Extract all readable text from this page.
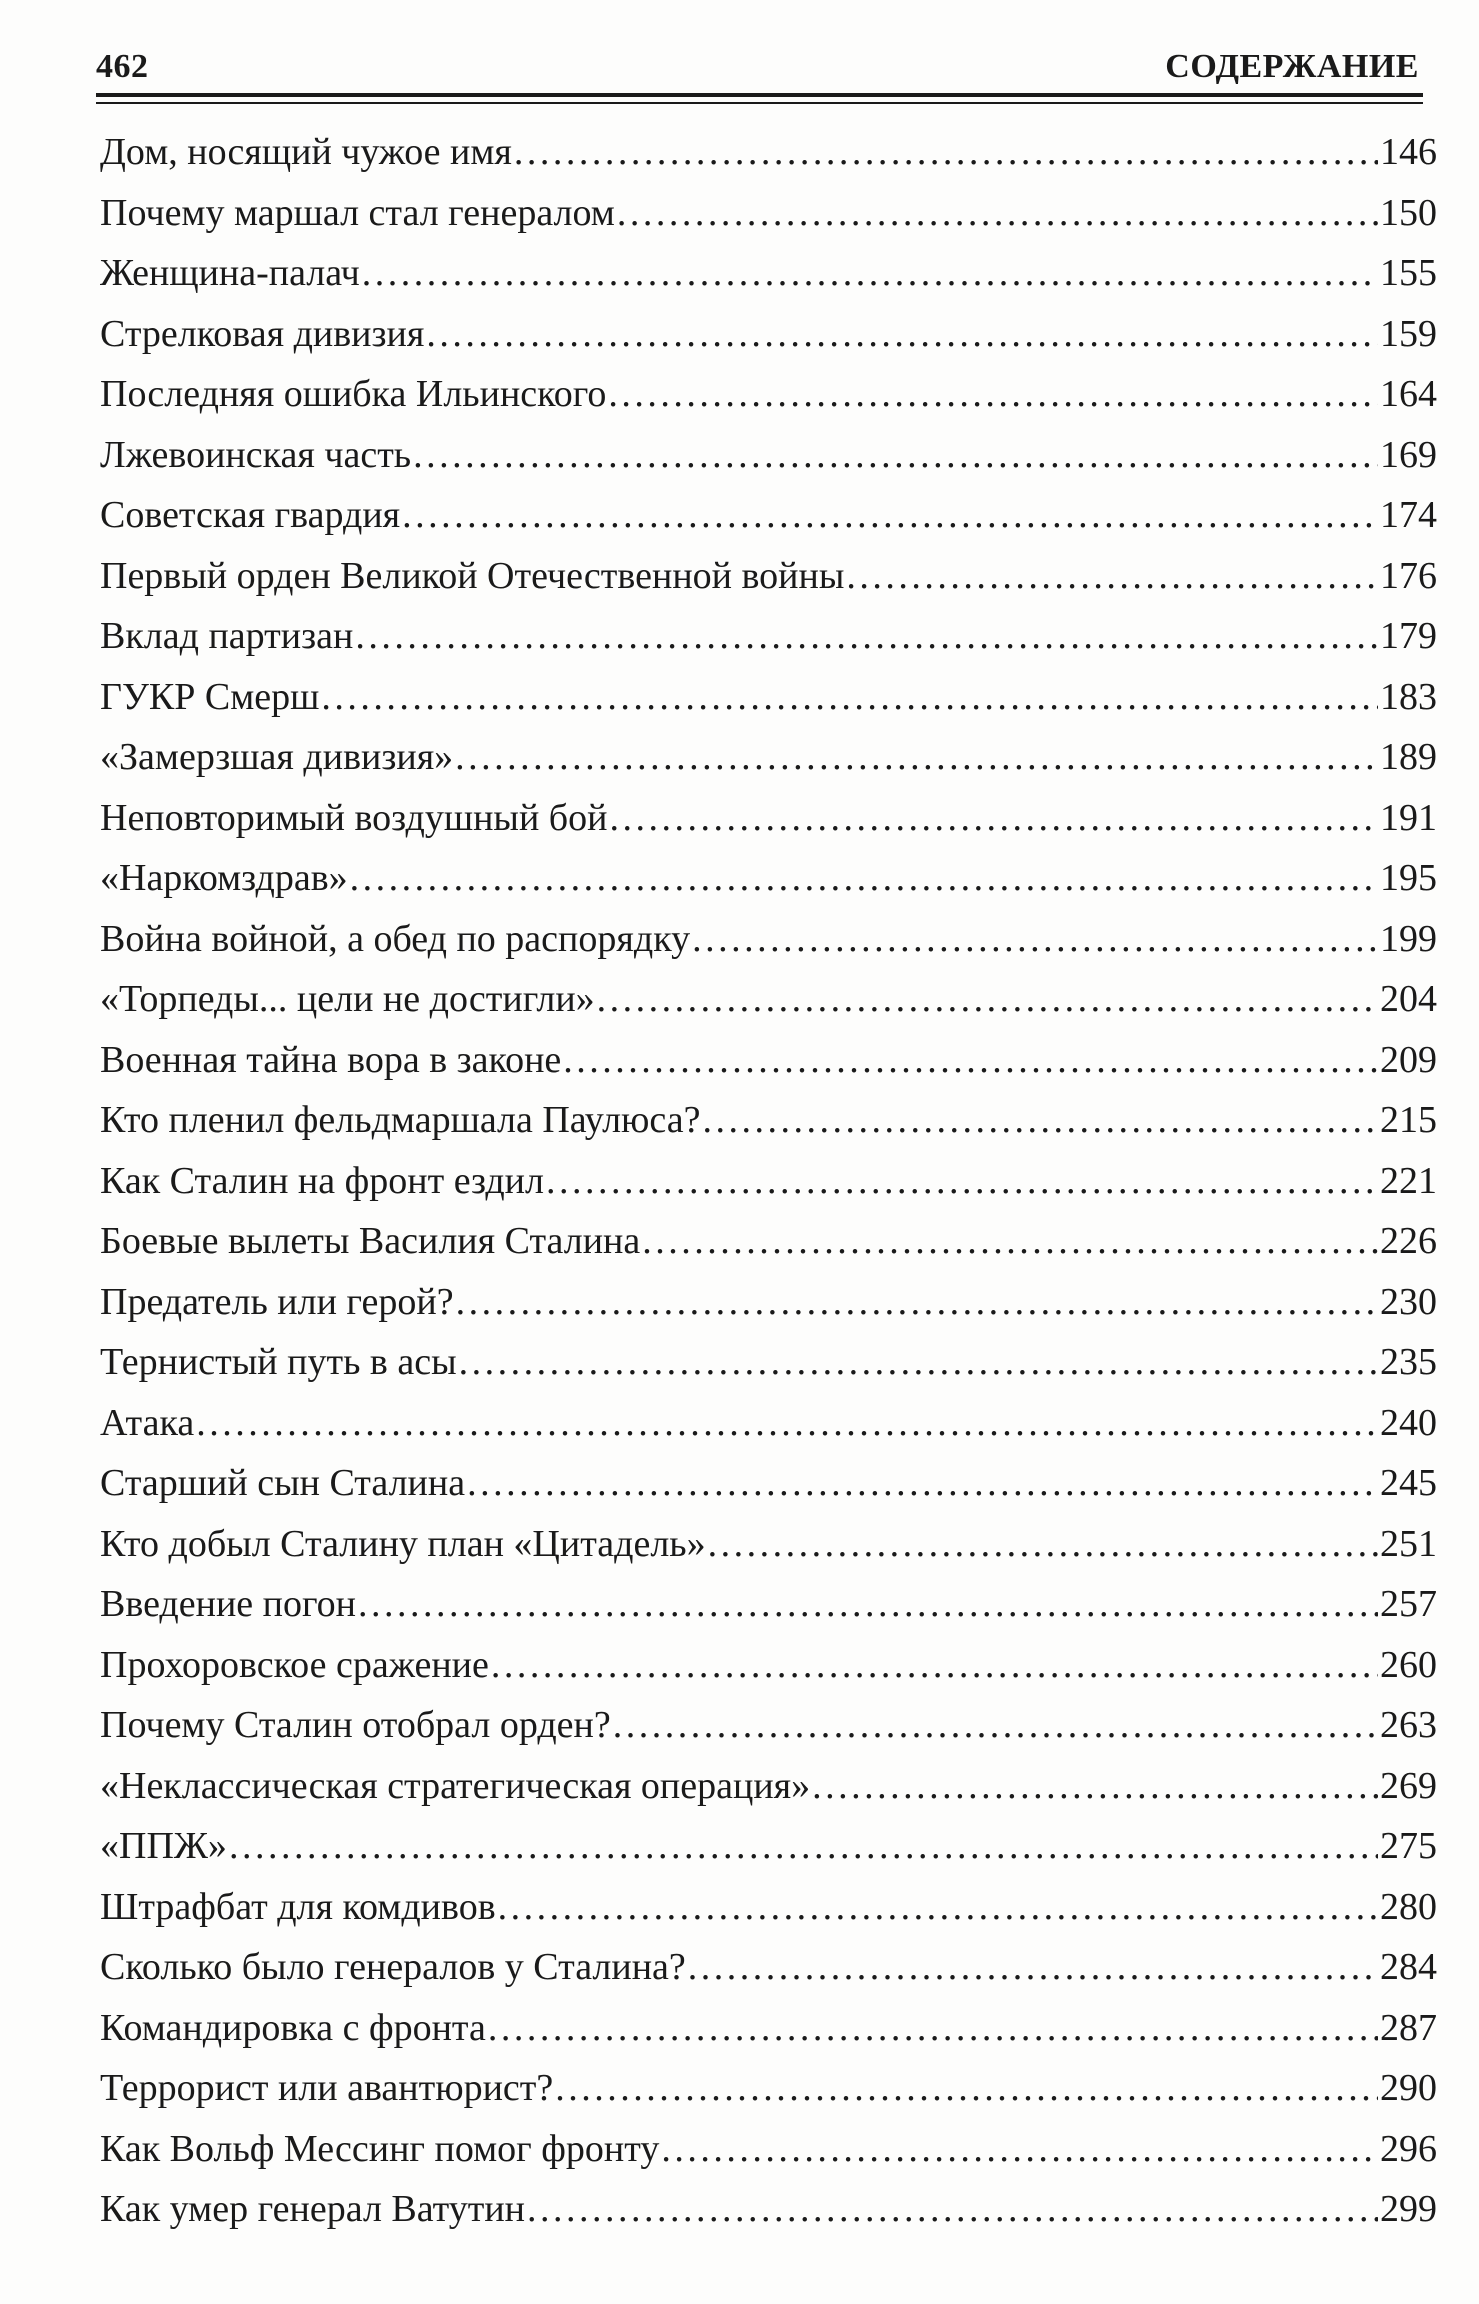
462	СОДЕРЖАНИЕ
Дом, носящий чужое имя . . .	146
Почему маршал стал генералом . . .	150
Женщина-палач . . .	155
Стрелковая дивизия . . .	159
Последняя ошибка Ильинского . . .	164
Лжевоинская часть . . .	169
Советская гвардия . . .	174
Первый орден Великой Отечественной войны . . .	176
Вклад партизан . . .	179
ГУКР Смерш . . .	183
«Замерзшая дивизия» . . .	189
Неповторимый воздушный бой . . .	191
«Наркомздрав» . . .	195
Война войной, а обед по распорядку . . .	199
«Торпеды... цели не достигли» . . .	204
Военная тайна вора в законе . . .	209
Кто пленил фельдмаршала Паулюса? . . .	215
Как Сталин на фронт ездил . . .	221
Боевые вылеты Василия Сталина . . .	226
Предатель или герой? . . .	230
Тернистый путь в асы . . .	235
Атака . . .	240
Старший сын Сталина . . .	245
Кто добыл Сталину план «Цитадель» . . .	251
Введение погон . . .	257
Прохоровское сражение . . .	260
Почему Сталин отобрал орден? . . .	263
«Неклассическая стратегическая операция» . . .	269
«ППЖ» . . .	275
Штрафбат для комдивов . . .	280
Сколько было генералов у Сталина? . . .	284
Командировка с фронта . . .	287
Террорист или авантюрист? . . .	290
Как Вольф Мессинг помог фронту . . .	296
Как умер генерал Ватутин . . .	299
